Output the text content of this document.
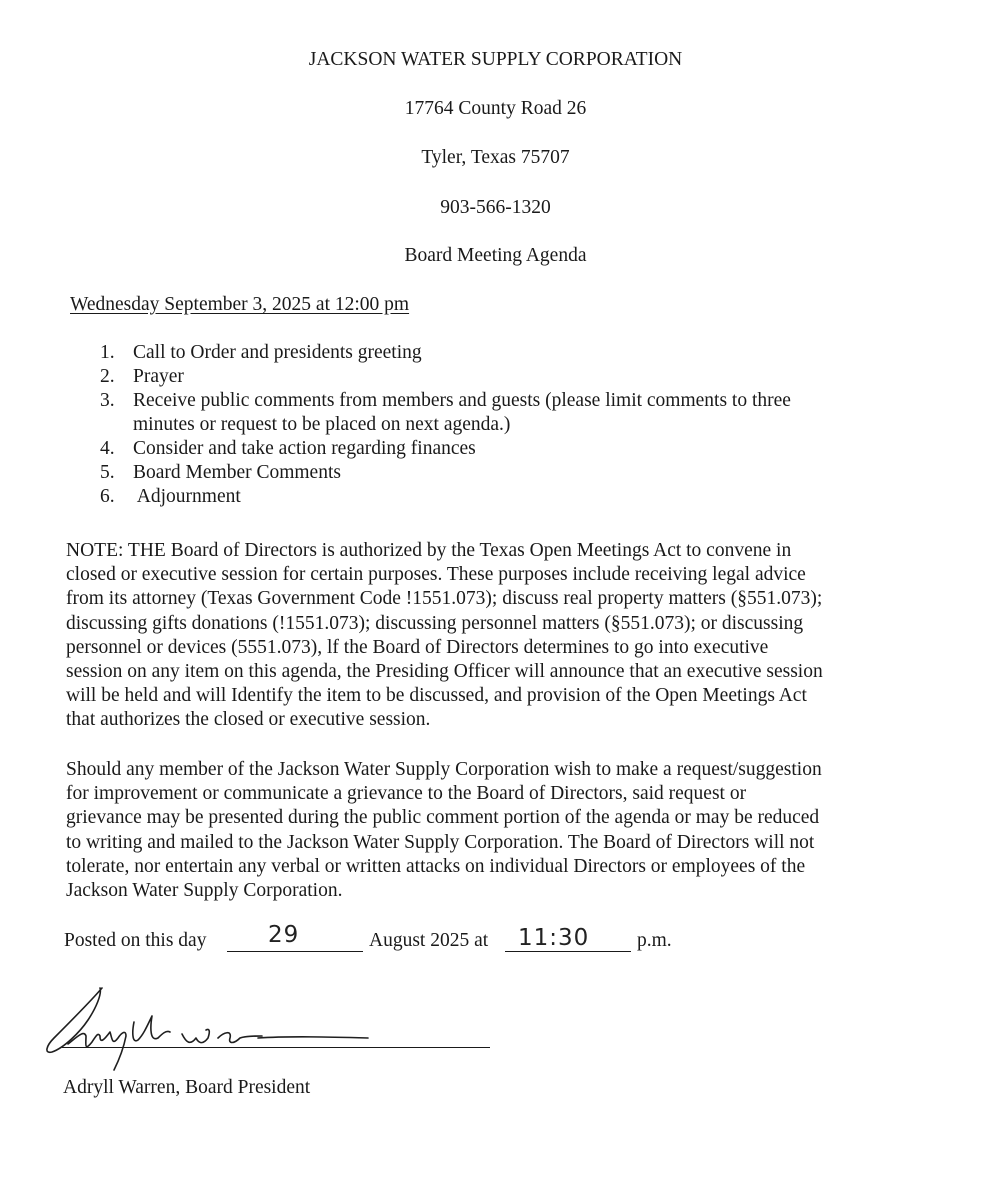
JACKSON WATER SUPPLY CORPORATION
17764 County Road 26
Tyler, Texas 75707
903-566-1320
Board Meeting Agenda
Wednesday September 3, 2025 at 12:00 pm
1. Call to Order and presidents greeting
2. Prayer
3. Receive public comments from members and guests (please limit comments to three
minutes or request to be placed on next agenda.)
4. Consider and take action regarding finances
5. Board Member Comments
6. Adjournment
NOTE: THE Board of Directors is authorized by the Texas Open Meetings Act to convene in
closed or executive session for certain purposes. These purposes include receiving legal advice
from its attorney (Texas Government Code !1551.073); discuss real property matters (§551.073);
discussing gifts donations (!1551.073); discussing personnel matters (§551.073); or discussing
personnel or devices (5551.073), lf the Board of Directors determines to go into executive
session on any item on this agenda, the Presiding Officer will announce that an executive session
will be held and will Identify the item to be discussed, and provision of the Open Meetings Act
that authorizes the closed or executive session.
Should any member of the Jackson Water Supply Corporation wish to make a request/suggestion
for improvement or communicate a grievance to the Board of Directors, said request or
grievance may be presented during the public comment portion of the agenda or may be reduced
to writing and mailed to the Jackson Water Supply Corporation. The Board of Directors will not
tolerate, nor entertain any verbal or written attacks on individual Directors or employees of the
Jackson Water Supply Corporation.
Posted on this day	29	August 2025 at 11:30 p.m.
Adryll Warren, Board President
